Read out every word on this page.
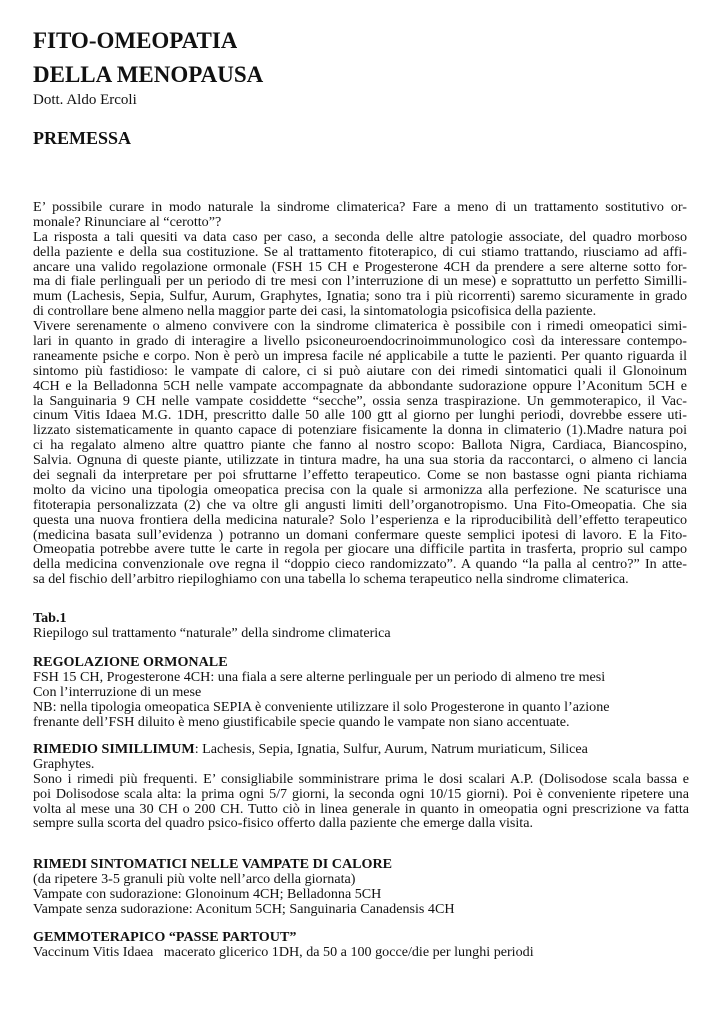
FITO-OMEOPATIA
DELLA MENOPAUSA
Dott. Aldo Ercoli
PREMESSA
E’ possibile curare in modo naturale la sindrome climaterica? Fare a meno di un trattamento sostitutivo or-
monale? Rinunciare al “cerotto”?
La risposta a tali quesiti va data caso per caso, a seconda delle altre patologie associate, del quadro morboso
della paziente e della sua costituzione. Se al trattamento fitoterapico, di cui stiamo trattando, riusciamo ad affi-
ancare una valido regolazione ormonale (FSH 15 CH e Progesterone 4CH da prendere a sere alterne sotto for-
ma di fiale perlinguali per un periodo di tre mesi con l’interruzione di un mese) e soprattutto un perfetto Similli-
mum (Lachesis, Sepia, Sulfur, Aurum, Graphytes, Ignatia; sono tra i più ricorrenti) saremo sicuramente in grado
di controllare bene almeno nella maggior parte dei casi, la sintomatologia psicofisica della paziente.
Vivere serenamente o almeno convivere con la sindrome climaterica è possibile con i rimedi omeopatici simi-
lari in quanto in grado di interagire a livello psiconeuroendocrinoimmunologico così da interessare contempo-
raneamente psiche e corpo. Non è però un impresa facile né applicabile a tutte le pazienti. Per quanto riguarda il
sintomo più fastidioso: le vampate di calore, ci si può aiutare con dei rimedi sintomatici quali il Glonoinum
4CH e la Belladonna 5CH nelle vampate accompagnate da abbondante sudorazione oppure l’Aconitum 5CH e
la Sanguinaria 9 CH nelle vampate cosiddette “secche”, ossia senza traspirazione. Un gemmoterapico, il Vac-
cinum Vitis Idaea M.G. 1DH, prescritto dalle 50 alle 100 gtt al giorno per lunghi periodi, dovrebbe essere uti-
lizzato sistematicamente in quanto capace di potenziare fisicamente la donna in climaterio (1).Madre natura poi
ci ha regalato almeno altre quattro piante che fanno al nostro scopo: Ballota Nigra, Cardiaca, Biancospino,
Salvia. Ognuna di queste piante, utilizzate in tintura madre, ha una sua storia da raccontarci, o almeno ci lancia
dei segnali da interpretare per poi sfruttarne l’effetto terapeutico. Come se non bastasse ogni pianta richiama
molto da vicino una tipologia omeopatica precisa con la quale si armonizza alla perfezione. Ne scaturisce una
fitoterapia personalizzata (2) che va oltre gli angusti limiti dell’organotropismo. Una Fito-Omeopatia. Che sia
questa una nuova frontiera della medicina naturale? Solo l’esperienza e la riproducibilità dell’effetto terapeutico
(medicina basata sull’evidenza ) potranno un domani confermare queste semplici ipotesi di lavoro. E la Fito-
Omeopatia potrebbe avere tutte le carte in regola per giocare una difficile partita in trasferta, proprio sul campo
della medicina convenzionale ove regna il “doppio cieco randomizzato”. A quando “la palla al centro?” In atte-
sa del fischio dell’arbitro riepiloghiamo con una tabella lo schema terapeutico nella sindrome climaterica.
Tab.1
Riepilogo sul trattamento “naturale” della sindrome climaterica
REGOLAZIONE ORMONALE
FSH 15 CH, Progesterone 4CH: una fiala a sere alterne perlinguale per un periodo di almeno tre mesi
Con l’interruzione di un mese
NB: nella tipologia omeopatica SEPIA è conveniente utilizzare il solo Progesterone in quanto l’azione
frenante dell’FSH diluito è meno giustificabile specie quando le vampate non siano accentuate.
RIMEDIO SIMILLIMUM: Lachesis, Sepia, Ignatia, Sulfur, Aurum, Natrum muriaticum, Silicea
Graphytes.
Sono i rimedi più frequenti. E’ consigliabile somministrare prima le dosi scalari A.P. (Dolisodose scala bassa e
poi Dolisodose scala alta: la prima ogni 5/7 giorni, la seconda ogni 10/15 giorni). Poi è conveniente ripetere una
volta al mese una 30 CH o 200 CH. Tutto ciò in linea generale in quanto in omeopatia ogni prescrizione va fatta
sempre sulla scorta del quadro psico-fisico offerto dalla paziente che emerge dalla visita.
RIMEDI SINTOMATICI NELLE VAMPATE DI CALORE
(da ripetere 3-5 granuli più volte nell’arco della giornata)
Vampate con sudorazione: Glonoinum 4CH; Belladonna 5CH
Vampate senza sudorazione: Aconitum 5CH; Sanguinaria Canadensis 4CH
GEMMOTERAPICO “PASSE PARTOUT”
Vaccinum Vitis Idaea   macerato glicerico 1DH, da 50 a 100 gocce/die per lunghi periodi
